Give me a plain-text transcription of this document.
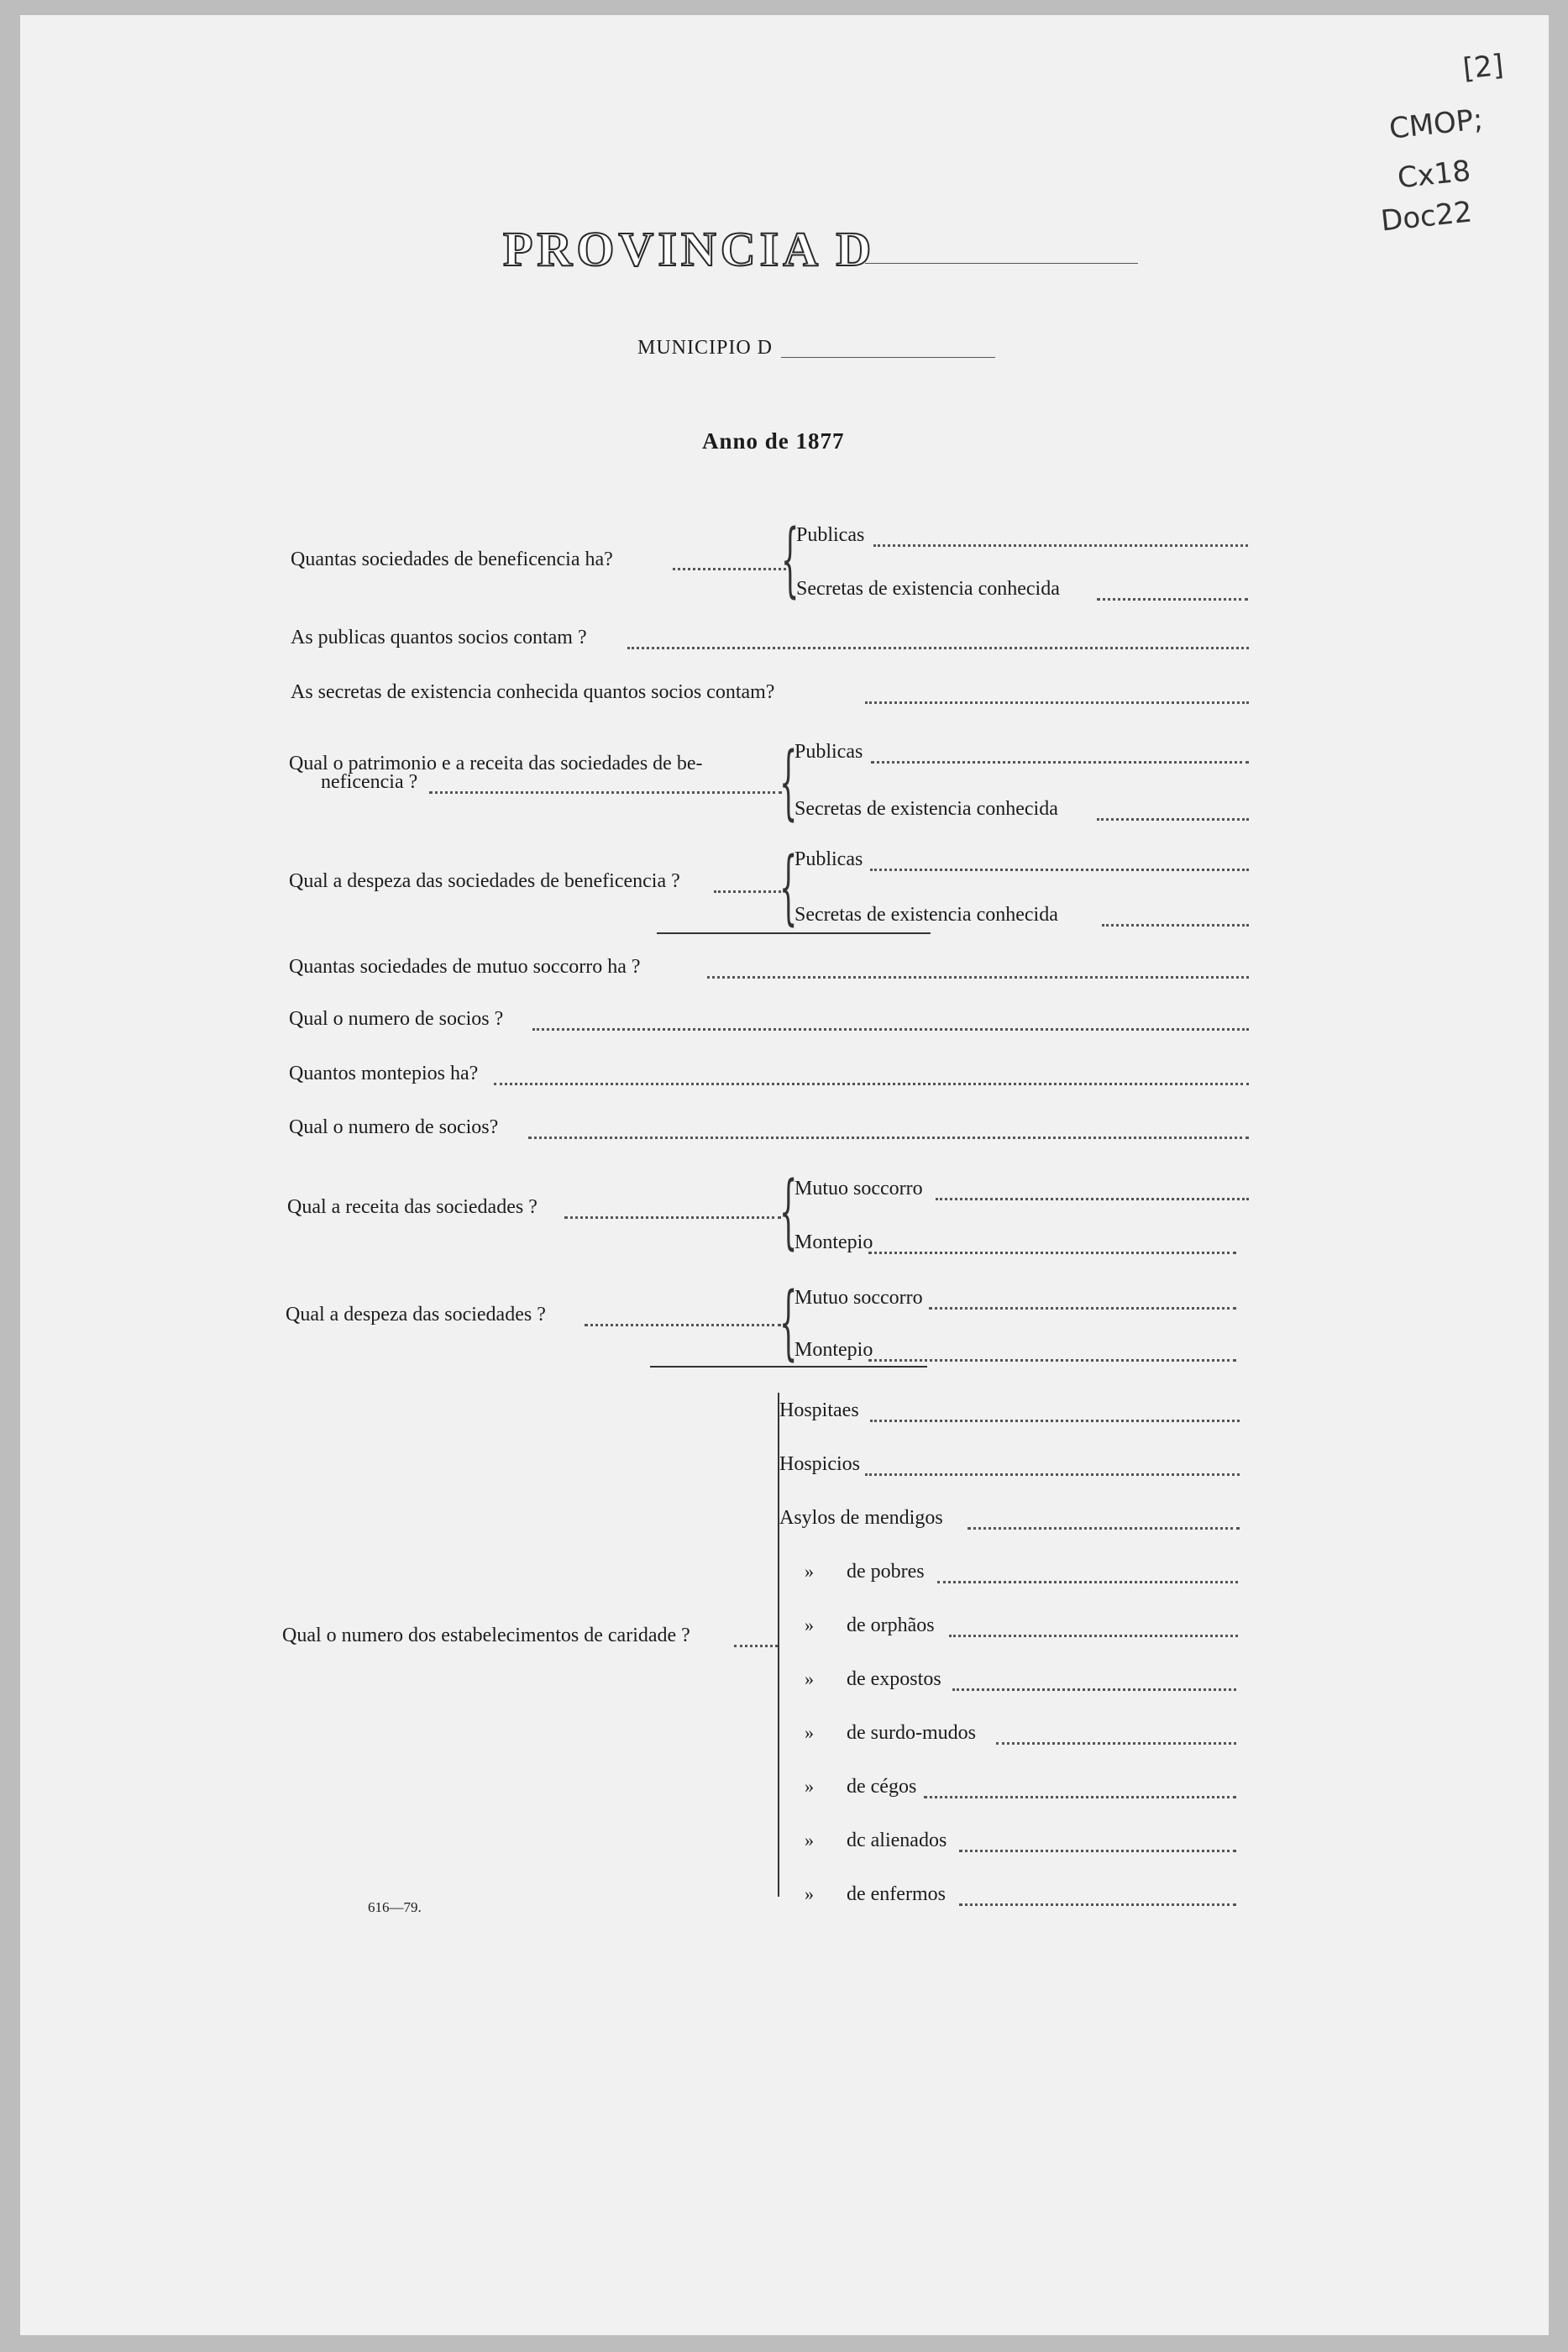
[2]
CMOP;
Cx18
Doc22
PROVINCIA D
MUNICIPIO D
Anno de 1877
Quantas sociedades de beneficencia ha? {
Publicas
Secretas de existencia conhecida
As publicas quantos socios contam ?
As secretas de existencia conhecida quantos socios contam?
Qual o patrimonio e a receita das sociedades de be-
neficencia ?	{
Publicas
Secretas de existencia conhecida
Qual a despeza das sociedades de beneficencia ? {
Publicas
Secretas de existencia conhecida
Quantas sociedades de mutuo soccorro ha ?
Qual o numero de socios ?
Quantos montepios ha?
Qual o numero de socios?
Qual a receita das sociedades ?	{
Mutuo soccorro
Montepio
Qual a despeza das sociedades ?	{
Mutuo soccorro
Montepio
Qual o numero dos estabelecimentos de caridade ?
Hospitaes
Hospicios
Asylos de mendigos
» de pobres
» de orphãos
» de expostos
» de surdo-mudos
» de cégos
» dc alienados
» de enfermos
616—79.
